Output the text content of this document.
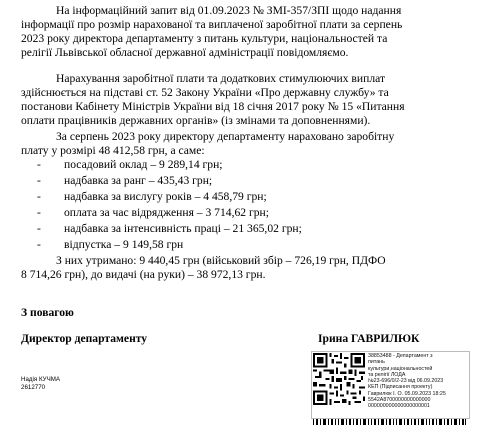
На інформаційний запит від 01.09.2023 № ЗМІ-357/ЗПІ щодо надання
інформації про розмір нарахованої та виплаченої заробітної плати за серпень
2023 року директора департаменту з питань культури, національностей та
релігії Львівської обласної державної адміністрації повідомляємо.
Нарахування заробітної плати та додаткових стимулюючих виплат
здійснюється на підставі ст. 52 Закону України «Про державну службу» та
постанови Кабінету Міністрів України від 18 січня 2017 року № 15 «Питання
оплати працівників державних органів» (із змінами та доповненнями).
За серпень 2023 року директору департаменту нараховано заробітну
плату у розмірі 48 412,58 грн, а саме:
- посадовий оклад – 9 289,14 грн;
- надбавка за ранг – 435,43 грн;
- надбавка за вислугу років – 4 458,79 грн;
- оплата за час відрядження – 3 714,62 грн;
- надбавка за інтенсивність праці – 21 365,02 грн;
- відпустка – 9 149,58 грн
З них утримано: 9 440,45 грн (військовий збір – 726,19 грн, ПДФО
8 714,26 грн), до видачі (на руки) – 38 972,13 грн.
З повагою
Директор департаменту	Ірина ГАВРИЛЮК
Надія КУЧМА
2612770
38853488 - Департамент з
питань
культури,національностей
та релігії ЛОДА
№23-696/0/2-23 від 06.09.2023
КЕП (Підписання проекту)
Гаврилюк І. О. 05.09.2023 18:25
5542A8700000000000000
000000000000000000001
